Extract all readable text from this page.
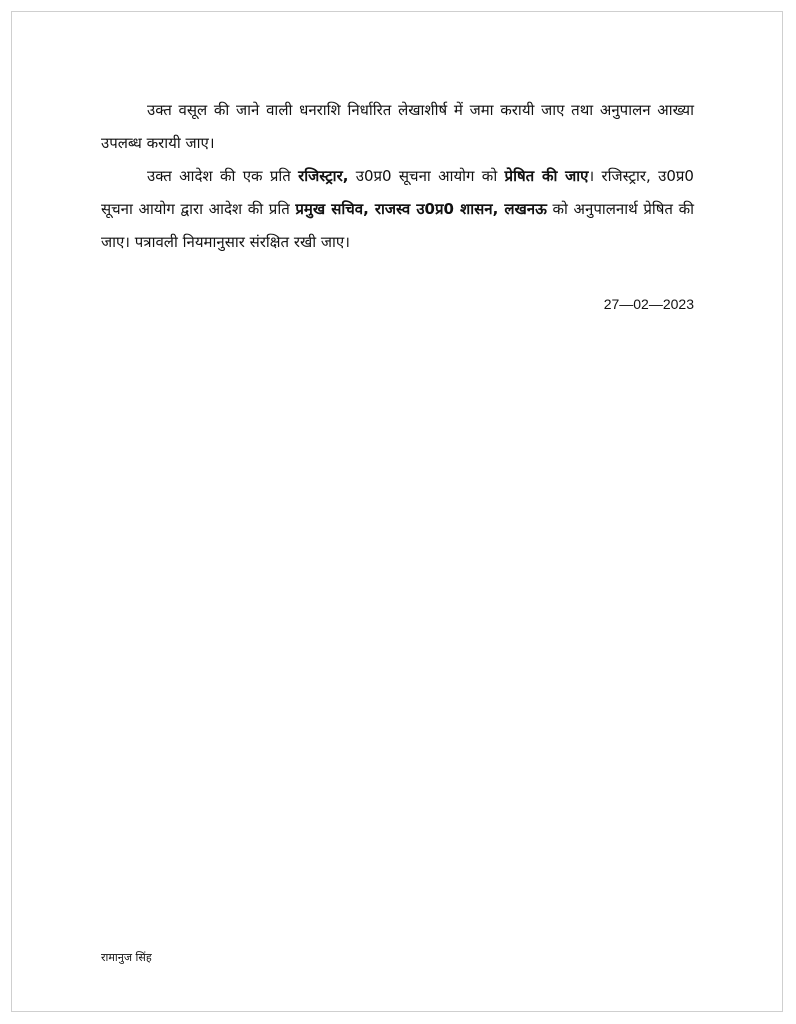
उक्त वसूल की जाने वाली धनराशि निर्धारित लेखाशीर्ष में जमा करायी जाए तथा अनुपालन आख्या उपलब्ध करायी जाए।

उक्त आदेश की एक प्रति रजिस्ट्रार, उ0प्र0 सूचना आयोग को प्रेषित की जाए। रजिस्ट्रार, उ0प्र0 सूचना आयोग द्वारा आदेश की प्रति प्रमुख सचिव, राजस्व उ0प्र0 शासन, लखनऊ को अनुपालनार्थ प्रेषित की जाए। पत्रावली नियमानुसार संरक्षित रखी जाए।

27—02—2023
रामानुज सिंह
